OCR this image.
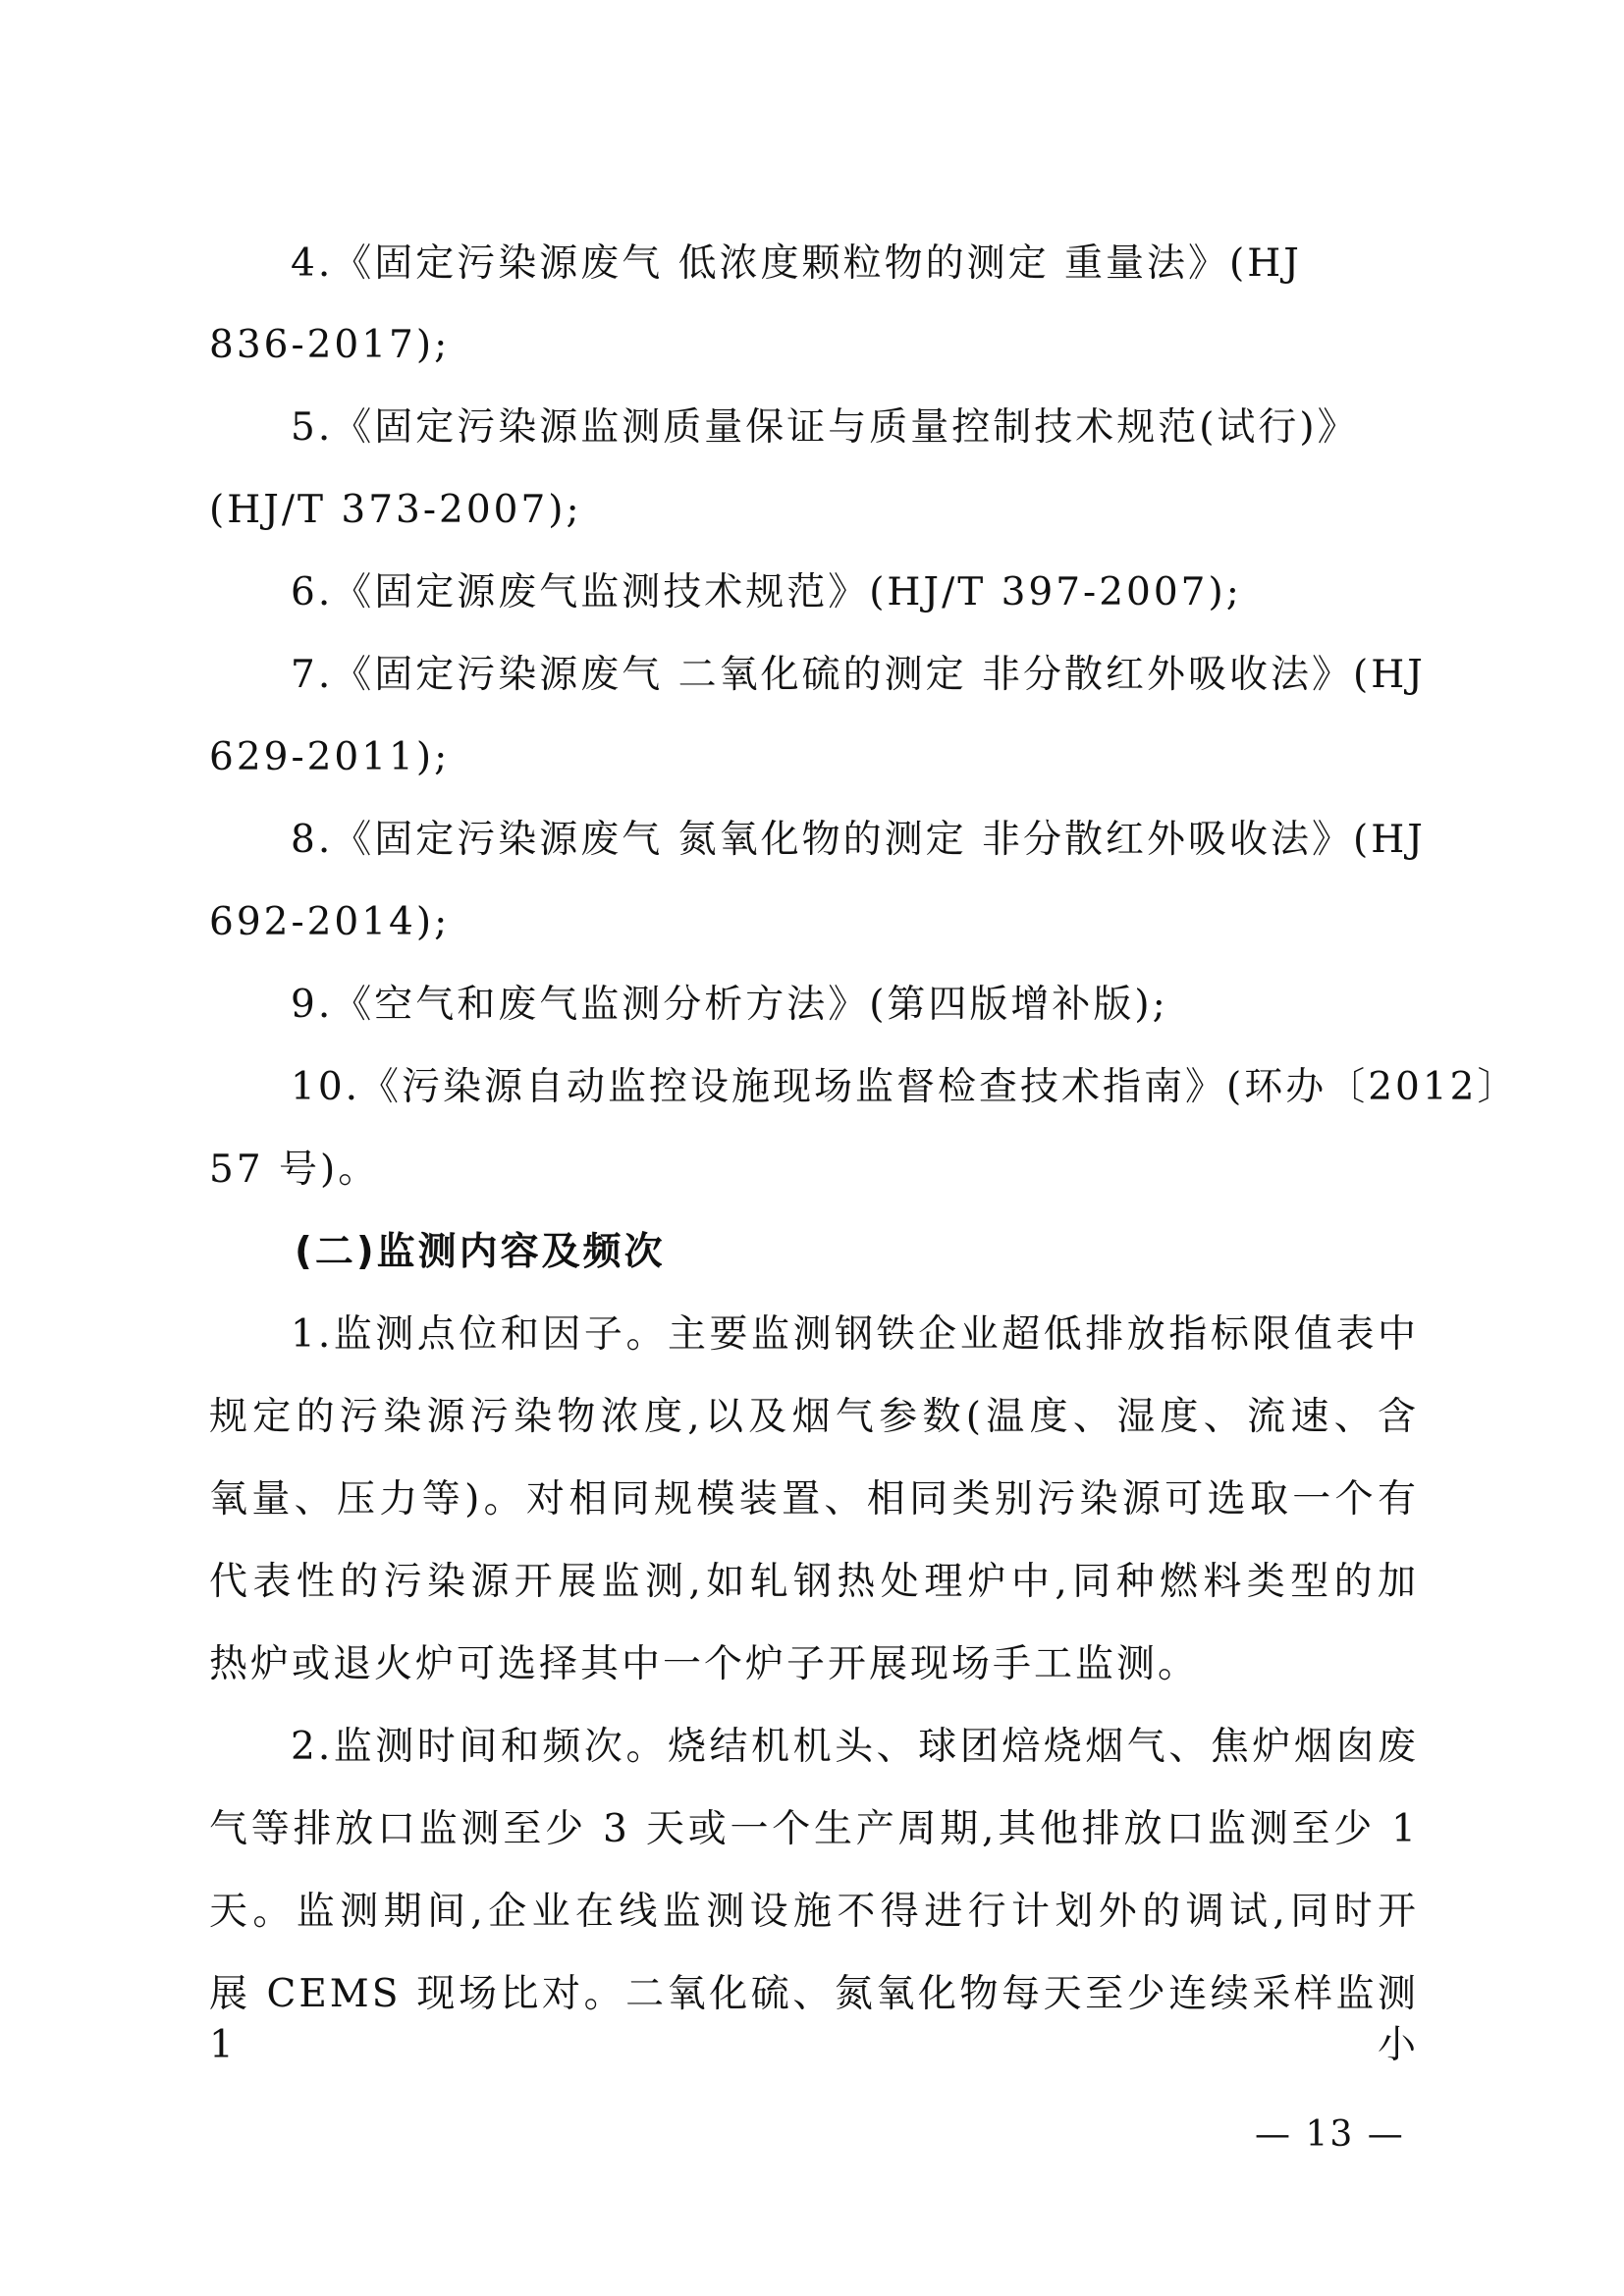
4.《固定污染源废气 低浓度颗粒物的测定 重量法》(HJ
836-2017);
5.《固定污染源监测质量保证与质量控制技术规范(试行)》
(HJ/T 373-2007);
6.《固定源废气监测技术规范》(HJ/T 397-2007);
7.《固定污染源废气 二氧化硫的测定 非分散红外吸收法》(HJ
629-2011);
8.《固定污染源废气 氮氧化物的测定 非分散红外吸收法》(HJ
692-2014);
9.《空气和废气监测分析方法》(第四版增补版);
10.《污染源自动监控设施现场监督检查技术指南》(环办〔2012〕
57 号)。
(二)监测内容及频次
1.监测点位和因子。主要监测钢铁企业超低排放指标限值表中
规定的污染源污染物浓度,以及烟气参数(温度、湿度、流速、含
氧量、压力等)。对相同规模装置、相同类别污染源可选取一个有
代表性的污染源开展监测,如轧钢热处理炉中,同种燃料类型的加
热炉或退火炉可选择其中一个炉子开展现场手工监测。
2.监测时间和频次。烧结机机头、球团焙烧烟气、焦炉烟囱废
气等排放口监测至少 3 天或一个生产周期,其他排放口监测至少 1
天。监测期间,企业在线监测设施不得进行计划外的调试,同时开
展 CEMS 现场比对。二氧化硫、氮氧化物每天至少连续采样监测 1 小
— 13 —
